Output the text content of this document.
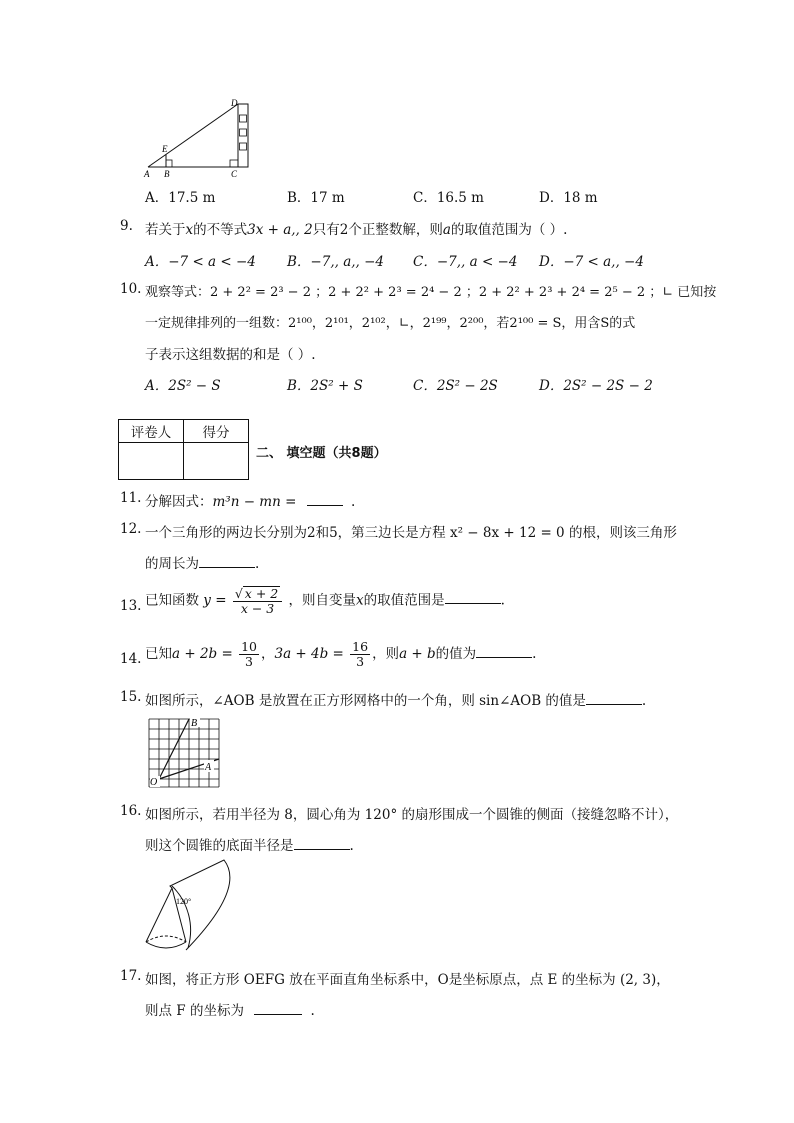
D
E
A B	C
A．17.5 m	B．17 m	C．16.5 m	D．18 m
9. 若关于x的不等式3x + a,, 2只有2个正整数解，则a的取值范围为（ ）.
A．−7 < a < −4 B．−7,, a,, −4 C．−7,, a < −4 D．−7 < a,, −4
10. 观察等式：2 + 2² = 2³ − 2 ；2 + 2² + 2³ = 2⁴ − 2 ；2 + 2² + 2³ + 2⁴ = 2⁵ − 2 ；∟ 已知按
一定规律排列的一组数：2¹⁰⁰，2¹⁰¹，2¹⁰²，∟，2¹⁹⁹，2²⁰⁰，若2¹⁰⁰ = S，用含S的式
子表示这组数据的和是（ ）.
A．2S² − S	B．2S² + S	C．2S² − 2S	D．2S² − 2S − 2
评卷人	得分

二、 填空题（共8题）
11. 分解因式：m³n − mn =	.
12. 一个三角形的两边长分别为2和5，第三边长是方程 x² − 8x + 12 = 0 的根，则该三角形
的周长为	.
13. 已知函数 $y = \frac{√ x + 2}{x - 3}$ ，则自变量x的取值范围是	.
14. 已知$a + 2b = \frac{10}{3}$ ，$3a + 4b = \frac{16}{3}$ ，则a + b的值为	.
15. 如图所示，∠AOB 是放置在正方形网格中的一个角，则 sin∠AOB 的值是	.
B
A
O
16. 如图所示，若用半径为 8，圆心角为 120° 的扇形围成一个圆锥的侧面（接缝忽略不计），
则这个圆锥的底面半径是	.
120°
17. 如图，将正方形 OEFG 放在平面直角坐标系中，O是坐标原点，点 E 的坐标为 (2, 3)，
则点 F 的坐标为	.
